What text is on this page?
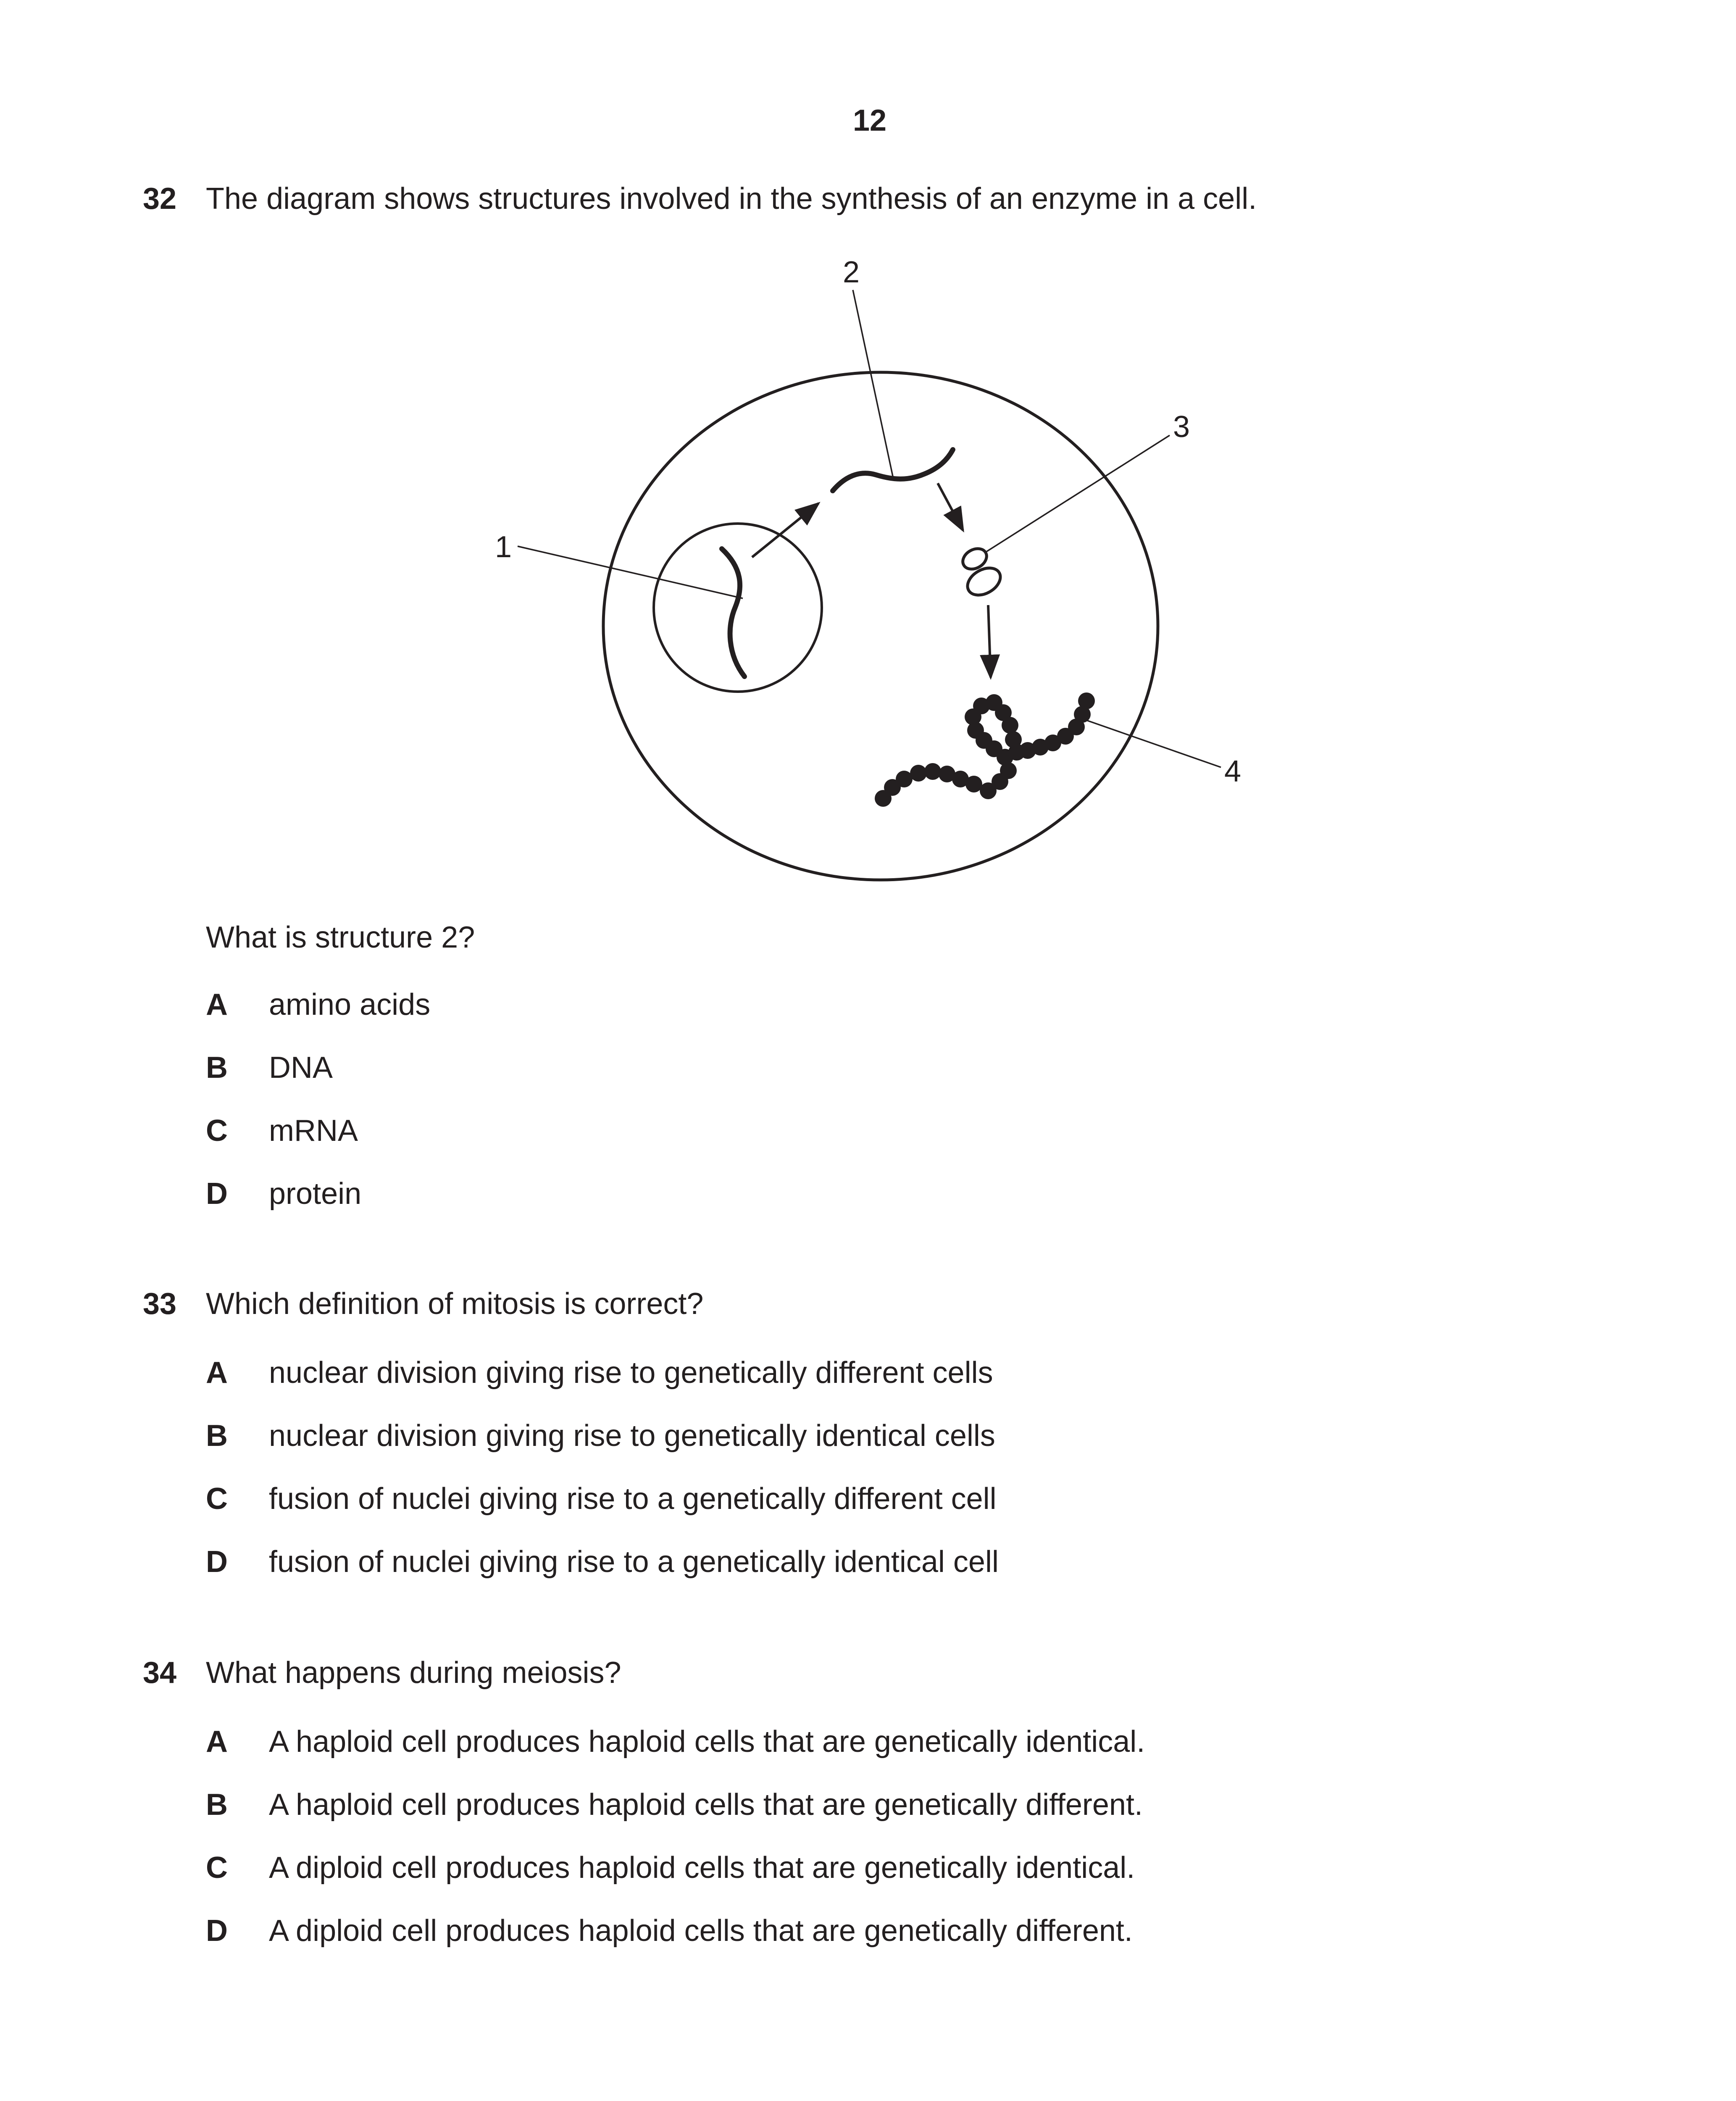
12
32 The diagram shows structures involved in the synthesis of an enzyme in a cell.
1
2
3
4
What is structure 2?
A amino acids
B DNA
C mRNA
D protein
33 Which definition of mitosis is correct?
A nuclear division giving rise to genetically different cells
B nuclear division giving rise to genetically identical cells
C fusion of nuclei giving rise to a genetically different cell
D fusion of nuclei giving rise to a genetically identical cell
34 What happens during meiosis?
A A haploid cell produces haploid cells that are genetically identical.
B A haploid cell produces haploid cells that are genetically different.
C A diploid cell produces haploid cells that are genetically identical.
D A diploid cell produces haploid cells that are genetically different.
